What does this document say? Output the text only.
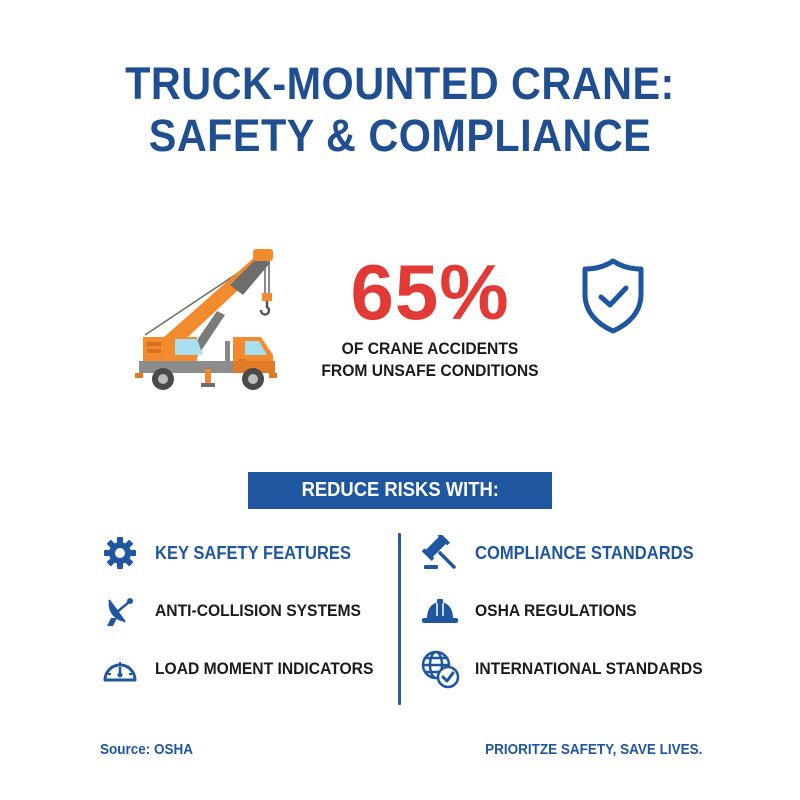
TRUCK-MOUNTED CRANE:
SAFETY & COMPLIANCE
65%
OF CRANE ACCIDENTS
FROM UNSAFE CONDITIONS
REDUCE RISKS WITH:
KEY SAFETY FEATURES
ANTI-COLLISION SYSTEMS
LOAD MOMENT INDICATORS
COMPLIANCE STANDARDS
OSHA REGULATIONS
INTERNATIONAL STANDARDS
Source: OSHA	PRIORITZE SAFETY, SAVE LIVES.
